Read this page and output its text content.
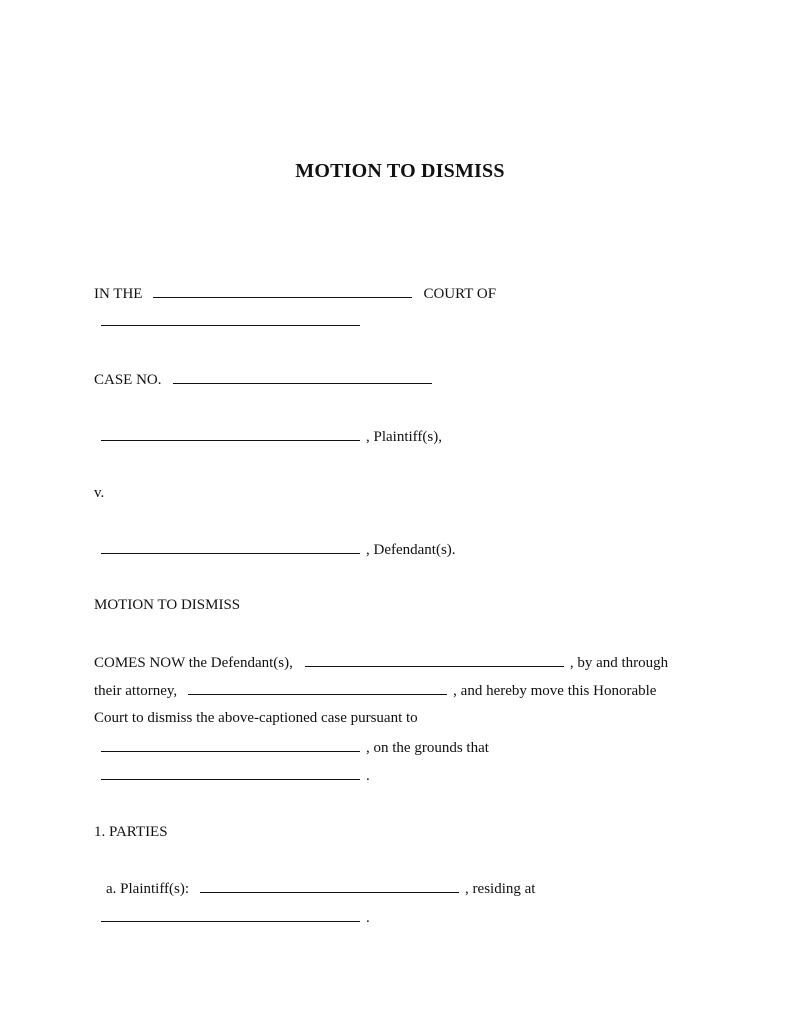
MOTION TO DISMISS
IN THE	COURT OF
CASE NO.
, Plaintiff(s),
v.
, Defendant(s).
MOTION TO DISMISS
COMES NOW the Defendant(s),	, by and through
their attorney,	, and hereby move this Honorable
Court to dismiss the above-captioned case pursuant to
, on the grounds that
.
1. PARTIES
a. Plaintiff(s):	, residing at
.
